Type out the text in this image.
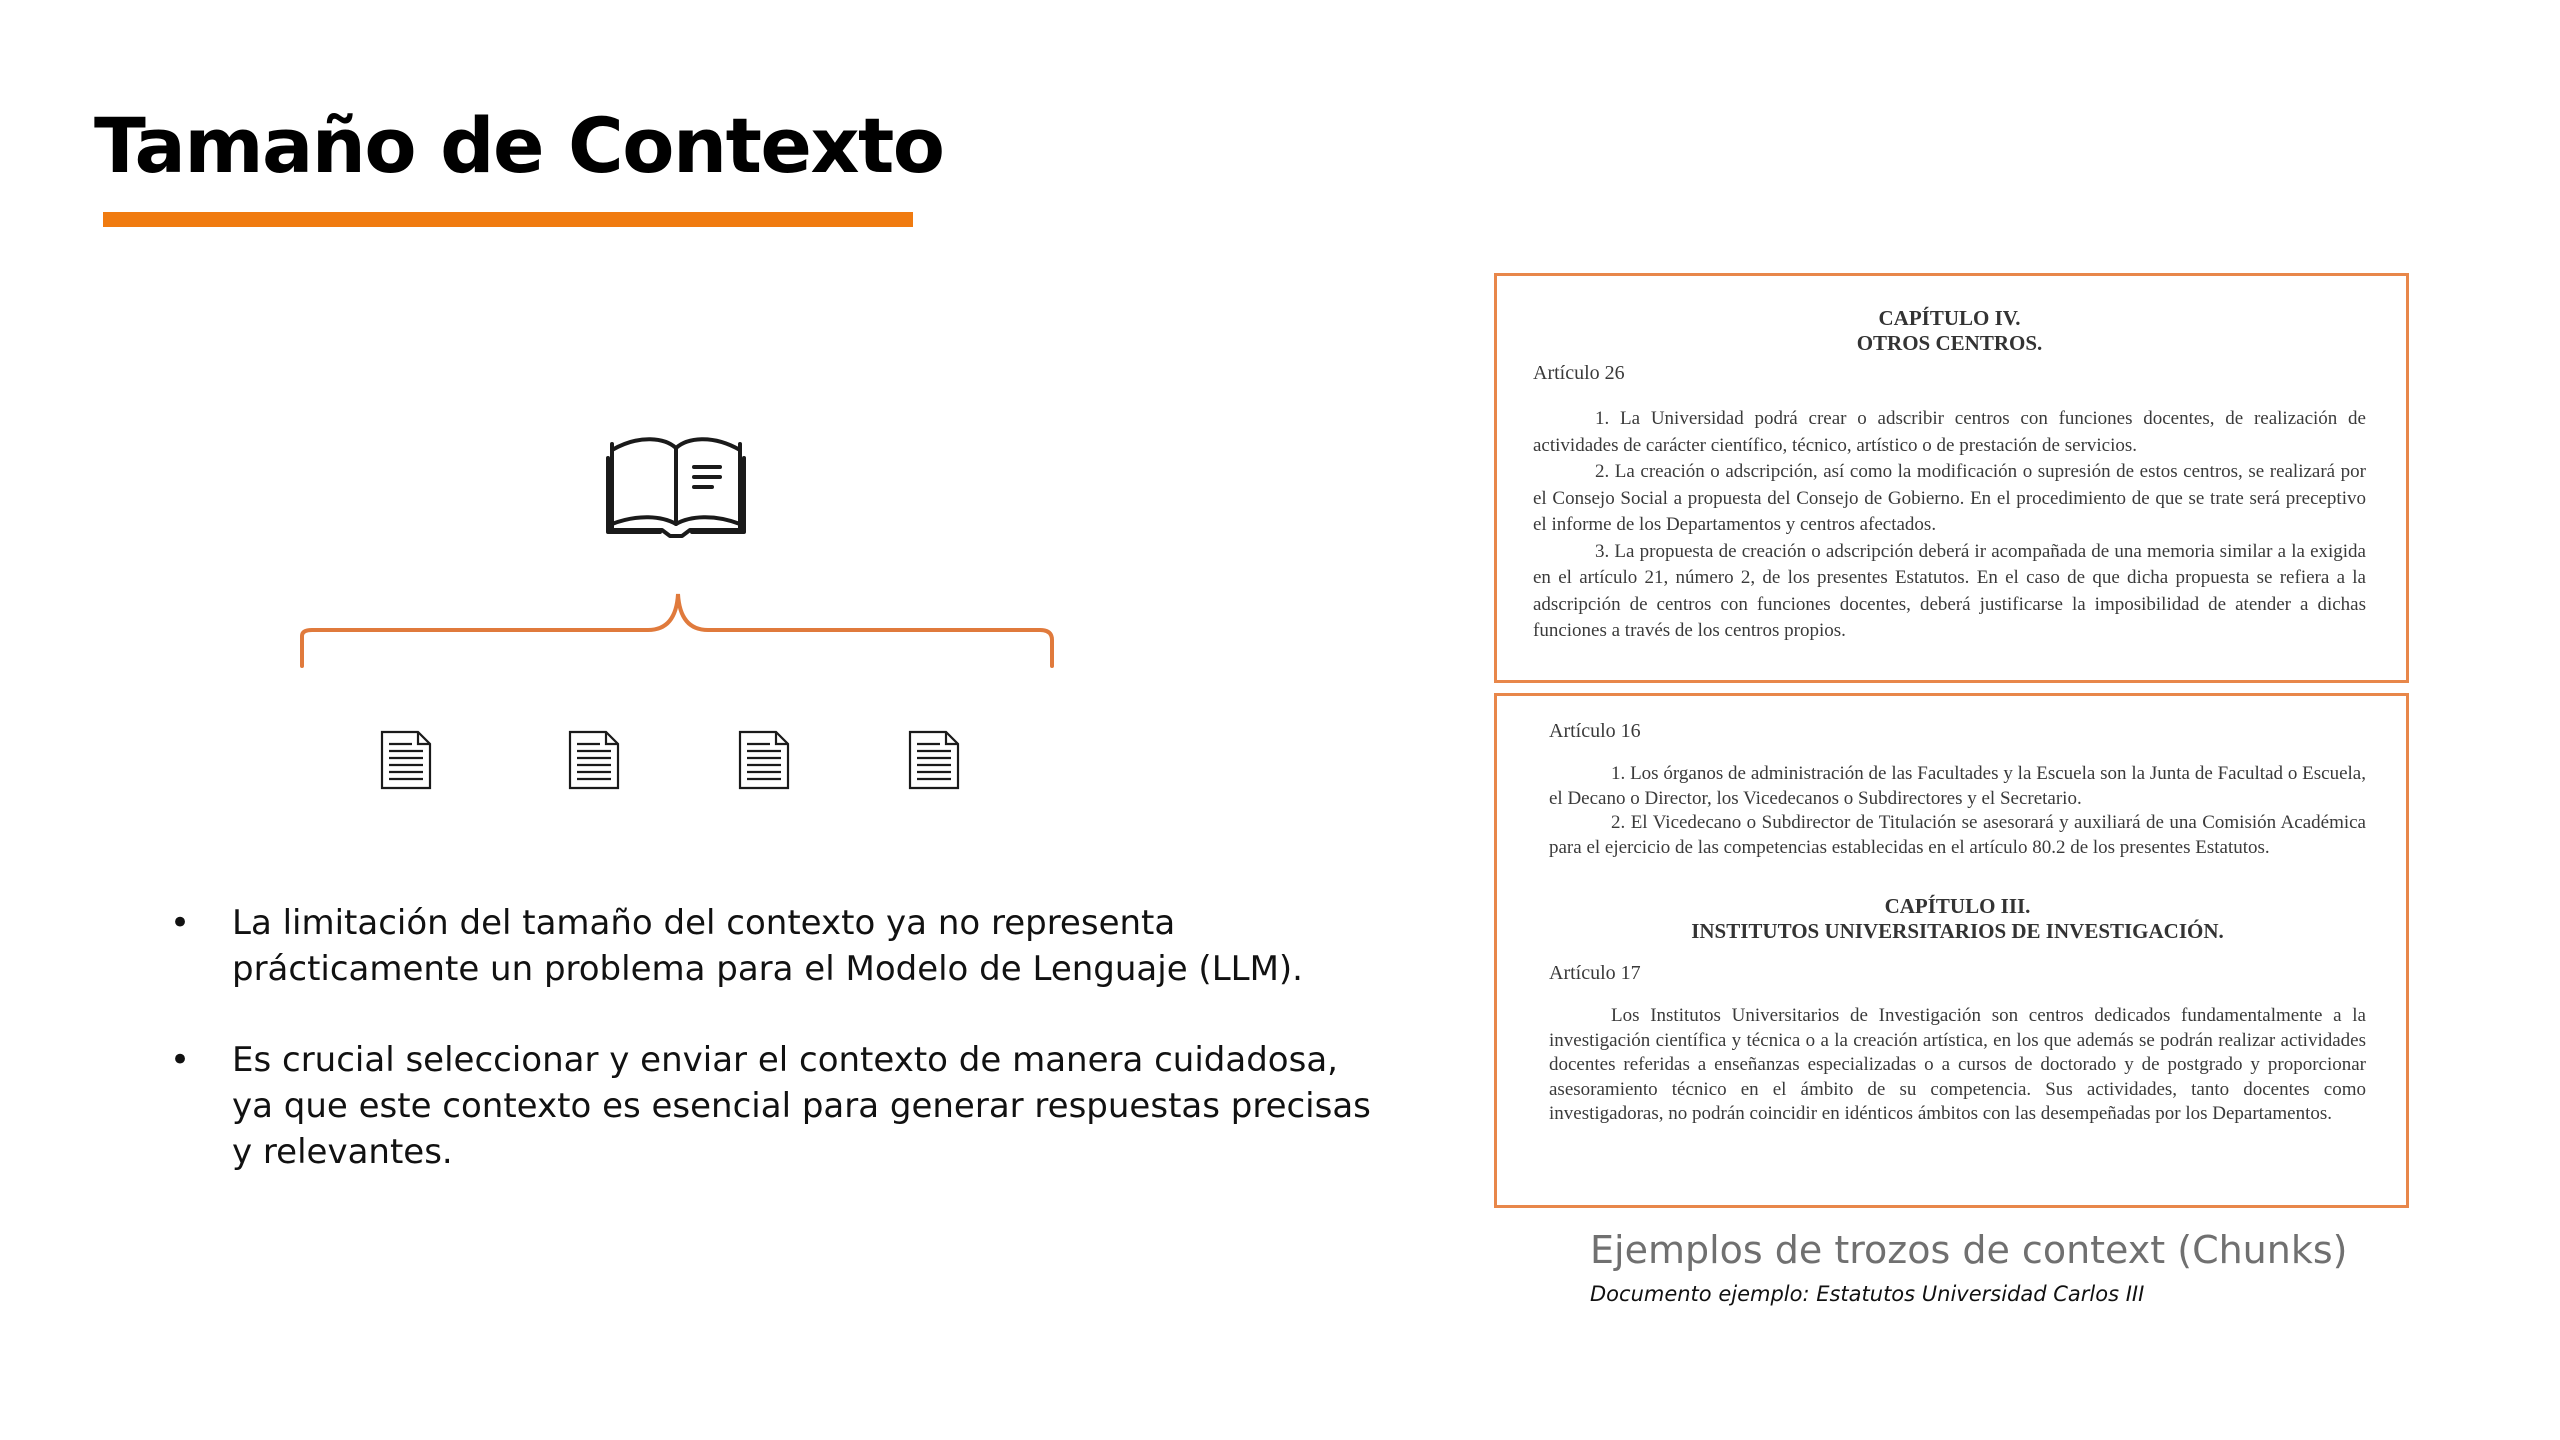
Tamaño de Contexto
• La limitación del tamaño del contexto ya no representa prácticamente un problema para el Modelo de Lenguaje (LLM).
• Es crucial seleccionar y enviar el contexto de manera cuidadosa, ya que este contexto es esencial para generar respuestas precisas y relevantes.
CAPÍTULO IV.
OTROS CENTROS.
Artículo 26

1. La Universidad podrá crear o adscribir centros con funciones docentes, de realización de actividades de carácter científico, técnico, artístico o de prestación de servicios.

2. La creación o adscripción, así como la modificación o supresión de estos centros, se realizará por el Consejo Social a propuesta del Consejo de Gobierno. En el procedimiento de que se trate será preceptivo el informe de los Departamentos y centros afectados.

3. La propuesta de creación o adscripción deberá ir acompañada de una memoria similar a la exigida en el artículo 21, número 2, de los presentes Estatutos. En el caso de que dicha propuesta se refiera a la adscripción de centros con funciones docentes, deberá justificarse la imposibilidad de atender a dichas funciones a través de los centros propios.

Artículo 16

1. Los órganos de administración de las Facultades y la Escuela son la Junta de Facultad o Escuela, el Decano o Director, los Vicedecanos o Subdirectores y el Secretario.

2. El Vicedecano o Subdirector de Titulación se asesorará y auxiliará de una Comisión Académica para el ejercicio de las competencias establecidas en el artículo 80.2 de los presentes Estatutos.

CAPÍTULO III.
INSTITUTOS UNIVERSITARIOS DE INVESTIGACIÓN.
Artículo 17

Los Institutos Universitarios de Investigación son centros dedicados fundamentalmente a la investigación científica y técnica o a la creación artística, en los que además se podrán realizar actividades docentes referidas a enseñanzas especializadas o a cursos de doctorado y de postgrado y proporcionar asesoramiento técnico en el ámbito de su competencia. Sus actividades, tanto docentes como investigadoras, no podrán coincidir en idénticos ámbitos con las desempeñadas por los Departamentos.

Ejemplos de trozos de context (Chunks)
Documento ejemplo: Estatutos Universidad Carlos III
